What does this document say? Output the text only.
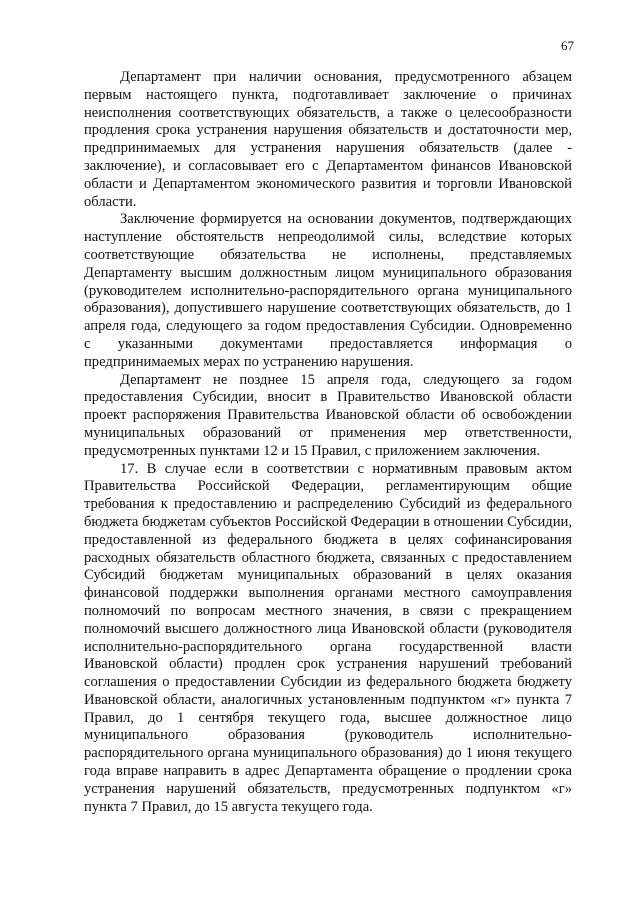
67

Департамент при наличии основания, предусмотренного абзацем первым настоящего пункта, подготавливает заключение о причинах неисполнения соответствующих обязательств, а также о целесообразности продления срока устранения нарушения обязательств и достаточности мер, предпринимаемых для устранения нарушения обязательств (далее - заключение), и согласовывает его с Департаментом финансов Ивановской области и Департаментом экономического развития и торговли Ивановской области.

Заключение формируется на основании документов, подтверждающих наступление обстоятельств непреодолимой силы, вследствие которых соответствующие обязательства не исполнены, представляемых Департаменту высшим должностным лицом муниципального образования (руководителем исполнительно-распорядительного органа муниципального образования), допустившего нарушение соответствующих обязательств, до 1 апреля года, следующего за годом предоставления Субсидии. Одновременно с указанными документами предоставляется информация о предпринимаемых мерах по устранению нарушения.

Департамент не позднее 15 апреля года, следующего за годом предоставления Субсидии, вносит в Правительство Ивановской области проект распоряжения Правительства Ивановской области об освобождении муниципальных образований от применения мер ответственности, предусмотренных пунктами 12 и 15 Правил, с приложением заключения.

17. В случае если в соответствии с нормативным правовым актом Правительства Российской Федерации, регламентирующим общие требования к предоставлению и распределению Субсидий из федерального бюджета бюджетам субъектов Российской Федерации в отношении Субсидии, предоставленной из федерального бюджета в целях софинансирования расходных обязательств областного бюджета, связанных с предоставлением Субсидий бюджетам муниципальных образований в целях оказания финансовой поддержки выполнения органами местного самоуправления полномочий по вопросам местного значения, в связи с прекращением полномочий высшего должностного лица Ивановской области (руководителя исполнительно-распорядительного органа государственной власти Ивановской области) продлен срок устранения нарушений требований соглашения о предоставлении Субсидии из федерального бюджета бюджету Ивановской области, аналогичных установленным подпунктом «г» пункта 7 Правил, до 1 сентября текущего года, высшее должностное лицо муниципального образования (руководитель исполнительно-распорядительного органа муниципального образования) до 1 июня текущего года вправе направить в адрес Департамента обращение о продлении срока устранения нарушений обязательств, предусмотренных подпунктом «г» пункта 7 Правил, до 15 августа текущего года.
